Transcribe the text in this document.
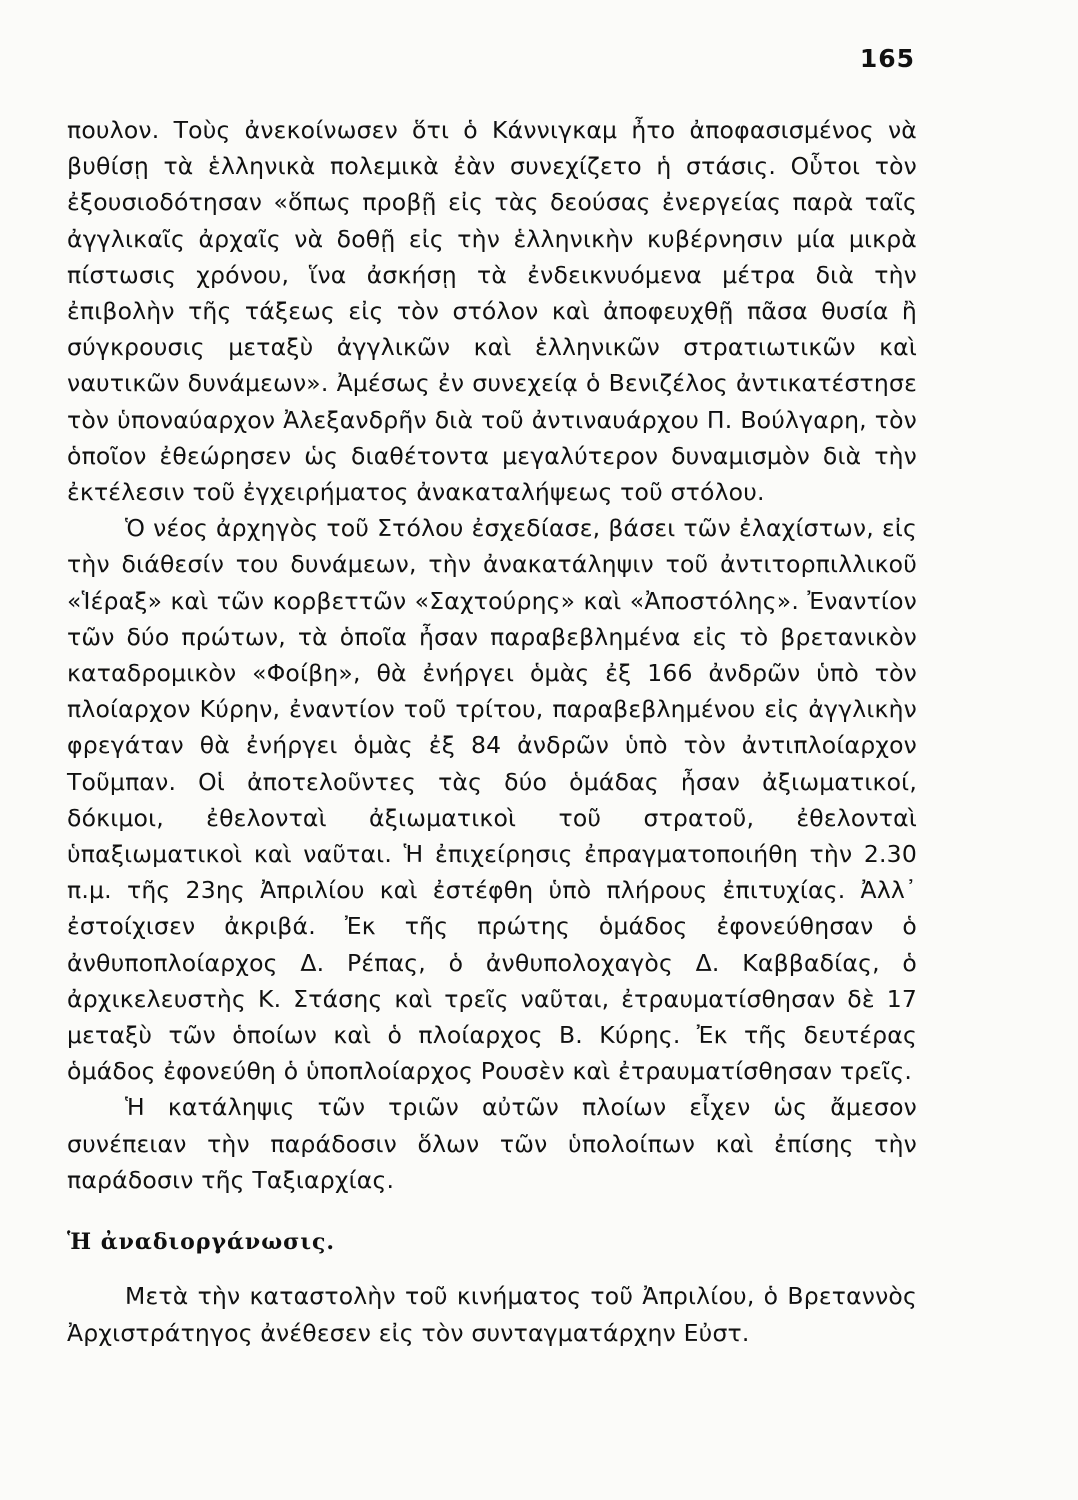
165

πουλον. Τοὺς ἀνεκοίνωσεν ὅτι ὁ Κάννιγκαμ ἦτο ἀποφασισμένος νὰ βυθίσῃ τὰ ἑλληνικὰ πολεμικὰ ἐὰν συνεχίζετο ἡ στάσις. Οὗτοι τὸν ἐξουσιοδότησαν «ὅπως προβῇ εἰς τὰς δεούσας ἐνεργείας παρὰ ταῖς ἀγγλικαῖς ἀρχαῖς νὰ δοθῇ εἰς τὴν ἑλληνικὴν κυβέρνησιν μία μικρὰ πίστωσις χρόνου, ἵνα ἀσκήσῃ τὰ ἐνδεικνυόμενα μέτρα διὰ τὴν ἐπιβολὴν τῆς τάξεως εἰς τὸν στόλον καὶ ἀποφευχθῇ πᾶσα θυσία ἢ σύγκρουσις μεταξὺ ἀγγλικῶν καὶ ἑλληνικῶν στρατιωτικῶν καὶ ναυτικῶν δυνάμεων». Ἀμέσως ἐν συνεχείᾳ ὁ Βενιζέλος ἀντικατέστησε τὸν ὑποναύαρχον Ἀλεξανδρῆν διὰ τοῦ ἀντιναυάρχου Π. Βούλγαρη, τὸν ὁποῖον ἐθεώρησεν ὡς διαθέτοντα μεγαλύτερον δυναμισμὸν διὰ τὴν ἐκτέλεσιν τοῦ ἐγχειρήματος ἀνακαταλήψεως τοῦ στόλου.

Ὁ νέος ἀρχηγὸς τοῦ Στόλου ἐσχεδίασε, βάσει τῶν ἐλαχίστων, εἰς τὴν διάθεσίν του δυνάμεων, τὴν ἀνακατάληψιν τοῦ ἀντιτορπιλλικοῦ «Ἱέραξ» καὶ τῶν κορβεττῶν «Σαχτούρης» καὶ «Ἀποστόλης». Ἐναντίον τῶν δύο πρώτων, τὰ ὁποῖα ἦσαν παραβεβλημένα εἰς τὸ βρετανικὸν καταδρομικὸν «Φοίβη», θὰ ἐνήργει ὁμὰς ἐξ 166 ἀνδρῶν ὑπὸ τὸν πλοίαρχον Κύρην, ἐναντίον τοῦ τρίτου, παραβεβλημένου εἰς ἀγγλικὴν φρεγάταν θὰ ἐνήργει ὁμὰς ἐξ 84 ἀνδρῶν ὑπὸ τὸν ἀντιπλοίαρχον Τοῦμπαν. Οἱ ἀποτελοῦντες τὰς δύο ὁμάδας ἦσαν ἀξιωματικοί, δόκιμοι, ἐθελονταὶ ἀξιωματικοὶ τοῦ στρατοῦ, ἐθελονταὶ ὑπαξιωματικοὶ καὶ ναῦται. Ἡ ἐπιχείρησις ἐπραγματοποιήθη τὴν 2.30 π.μ. τῆς 23ης Ἀπριλίου καὶ ἐστέφθη ὑπὸ πλήρους ἐπιτυχίας. Ἀλλ᾽ ἐστοίχισεν ἀκριβά. Ἐκ τῆς πρώτης ὁμάδος ἐφονεύθησαν ὁ ἀνθυποπλοίαρχος Δ. Ρέπας, ὁ ἀνθυπολοχαγὸς Δ. Καββαδίας, ὁ ἀρχικελευστὴς Κ. Στάσης καὶ τρεῖς ναῦται, ἐτραυματίσθησαν δὲ 17 μεταξὺ τῶν ὁποίων καὶ ὁ πλοίαρχος Β. Κύρης. Ἐκ τῆς δευτέρας ὁμάδος ἐφονεύθη ὁ ὑποπλοίαρχος Ρουσὲν καὶ ἐτραυματίσθησαν τρεῖς.

Ἡ κατάληψις τῶν τριῶν αὐτῶν πλοίων εἶχεν ὡς ἄμεσον συνέπειαν τὴν παράδοσιν ὅλων τῶν ὑπολοίπων καὶ ἐπίσης τὴν παράδοσιν τῆς Ταξιαρχίας.

Ἡ ἀναδιοργάνωσις.

Μετὰ τὴν καταστολὴν τοῦ κινήματος τοῦ Ἀπριλίου, ὁ Βρεταννὸς Ἀρχιστράτηγος ἀνέθεσεν εἰς τὸν συνταγματάρχην Εὐστ.
